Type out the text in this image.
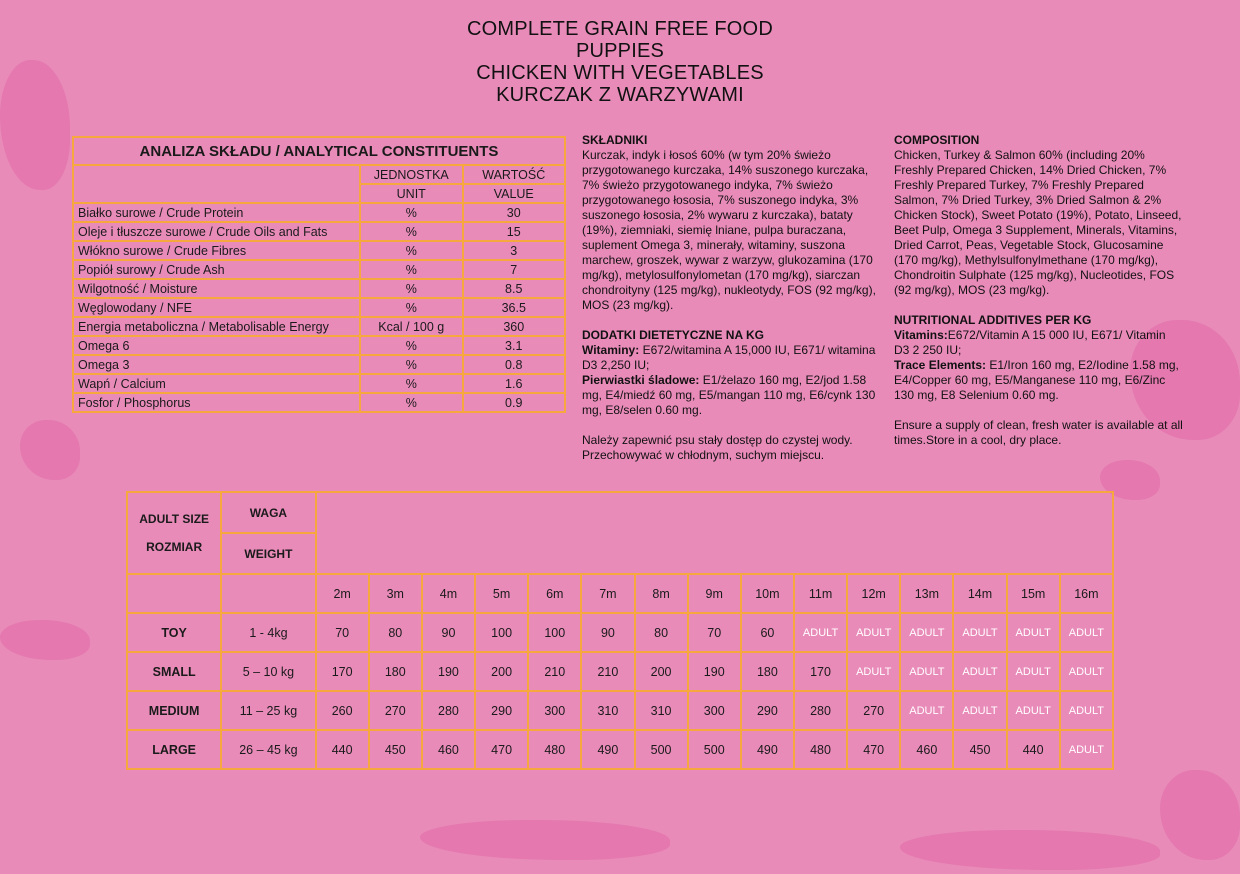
COMPLETE GRAIN FREE FOOD
PUPPIES
CHICKEN WITH VEGETABLES
KURCZAK Z WARZYWAMI
ANALIZA SKŁADU / ANALYTICAL CONSTITUENTS		
	JEDNOSTKA	WARTOŚĆ
	UNIT	VALUE
Białko surowe / Crude Protein	%	30
Oleje i tłuszcze surowe / Crude Oils and Fats	%	15
Włókno surowe / Crude Fibres	%	3
Popiół surowy / Crude Ash	%	7
Wilgotność / Moisture	%	8.5
Węglowodany / NFE	%	36.5
Energia metaboliczna / Metabolisable Energy	Kcal / 100 g	360
Omega 6	%	3.1
Omega 3	%	0.8
Wapń / Calcium	%	1.6
Fosfor / Phosphorus	%	0.9

SKŁADNIKI

Kurczak, indyk i łosoś 60% (w tym 20% świeżo przygotowanego kurczaka, 14% suszonego kurczaka, 7% świeżo przygotowanego indyka, 7% świeżo przygotowanego łososia, 7% suszonego indyka, 3% suszonego łososia, 2% wywaru z kurczaka), bataty (19%), ziemniaki, siemię lniane, pulpa buraczana, suplement Omega 3, minerały, witaminy, suszona marchew, groszek, wywar z warzyw, glukozamina (170 mg/kg), metylosulfonylometan (170 mg/kg), siarczan chondroityny (125 mg/kg), nukleotydy, FOS (92 mg/kg), MOS (23 mg/kg).

DODATKI DIETETYCZNE NA KG

Witaminy: E672/witamina A 15,000 IU, E671/ witamina D3 2,250 IU;

Pierwiastki śladowe: E1/żelazo 160 mg, E2/jod 1.58 mg, E4/miedź 60 mg, E5/mangan 110 mg, E6/cynk 130 mg, E8/selen 0.60 mg.

Należy zapewnić psu stały dostęp do czystej wody. Przechowywać w chłodnym, suchym miejscu.

COMPOSITION

Chicken, Turkey & Salmon 60% (including 20% Freshly Prepared Chicken, 14% Dried Chicken, 7% Freshly Prepared Turkey, 7% Freshly Prepared Salmon, 7% Dried Turkey, 3% Dried Salmon & 2% Chicken Stock), Sweet Potato (19%), Potato, Linseed, Beet Pulp, Omega 3 Supplement, Minerals, Vitamins, Dried Carrot, Peas, Vegetable Stock, Glucosamine (170 mg/kg), Methylsulfonylmethane (170 mg/kg), Chondroitin Sulphate (125 mg/kg), Nucleotides, FOS (92 mg/kg), MOS (23 mg/kg).

NUTRITIONAL ADDITIVES PER KG

Vitamins:E672/Vitamin A 15 000 IU, E671/ Vitamin D3 2 250 IU;

Trace Elements: E1/Iron 160 mg, E2/Iodine 1.58 mg, E4/Copper 60 mg, E5/Manganese 110 mg, E6/Zinc 130 mg, E8 Selenium 0.60 mg.

Ensure a supply of clean, fresh water is available at all times.Store in a cool, dry place.

ADULT SIZE
ROZMIAR	WAGA															
	WEIGHT															
		2m	3m	4m	5m	6m	7m	8m	9m	10m	11m	12m	13m	14m	15m	16m
TOY	1 - 4kg	70	80	90	100	100	90	80	70	60	ADULT	ADULT	ADULT	ADULT	ADULT	ADULT
SMALL	5 – 10 kg	170	180	190	200	210	210	200	190	180	170	ADULT	ADULT	ADULT	ADULT	ADULT
MEDIUM	11 – 25 kg	260	270	280	290	300	310	310	300	290	280	270	ADULT	ADULT	ADULT	ADULT
LARGE	26 – 45 kg	440	450	460	470	480	490	500	500	490	480	470	460	450	440	ADULT
